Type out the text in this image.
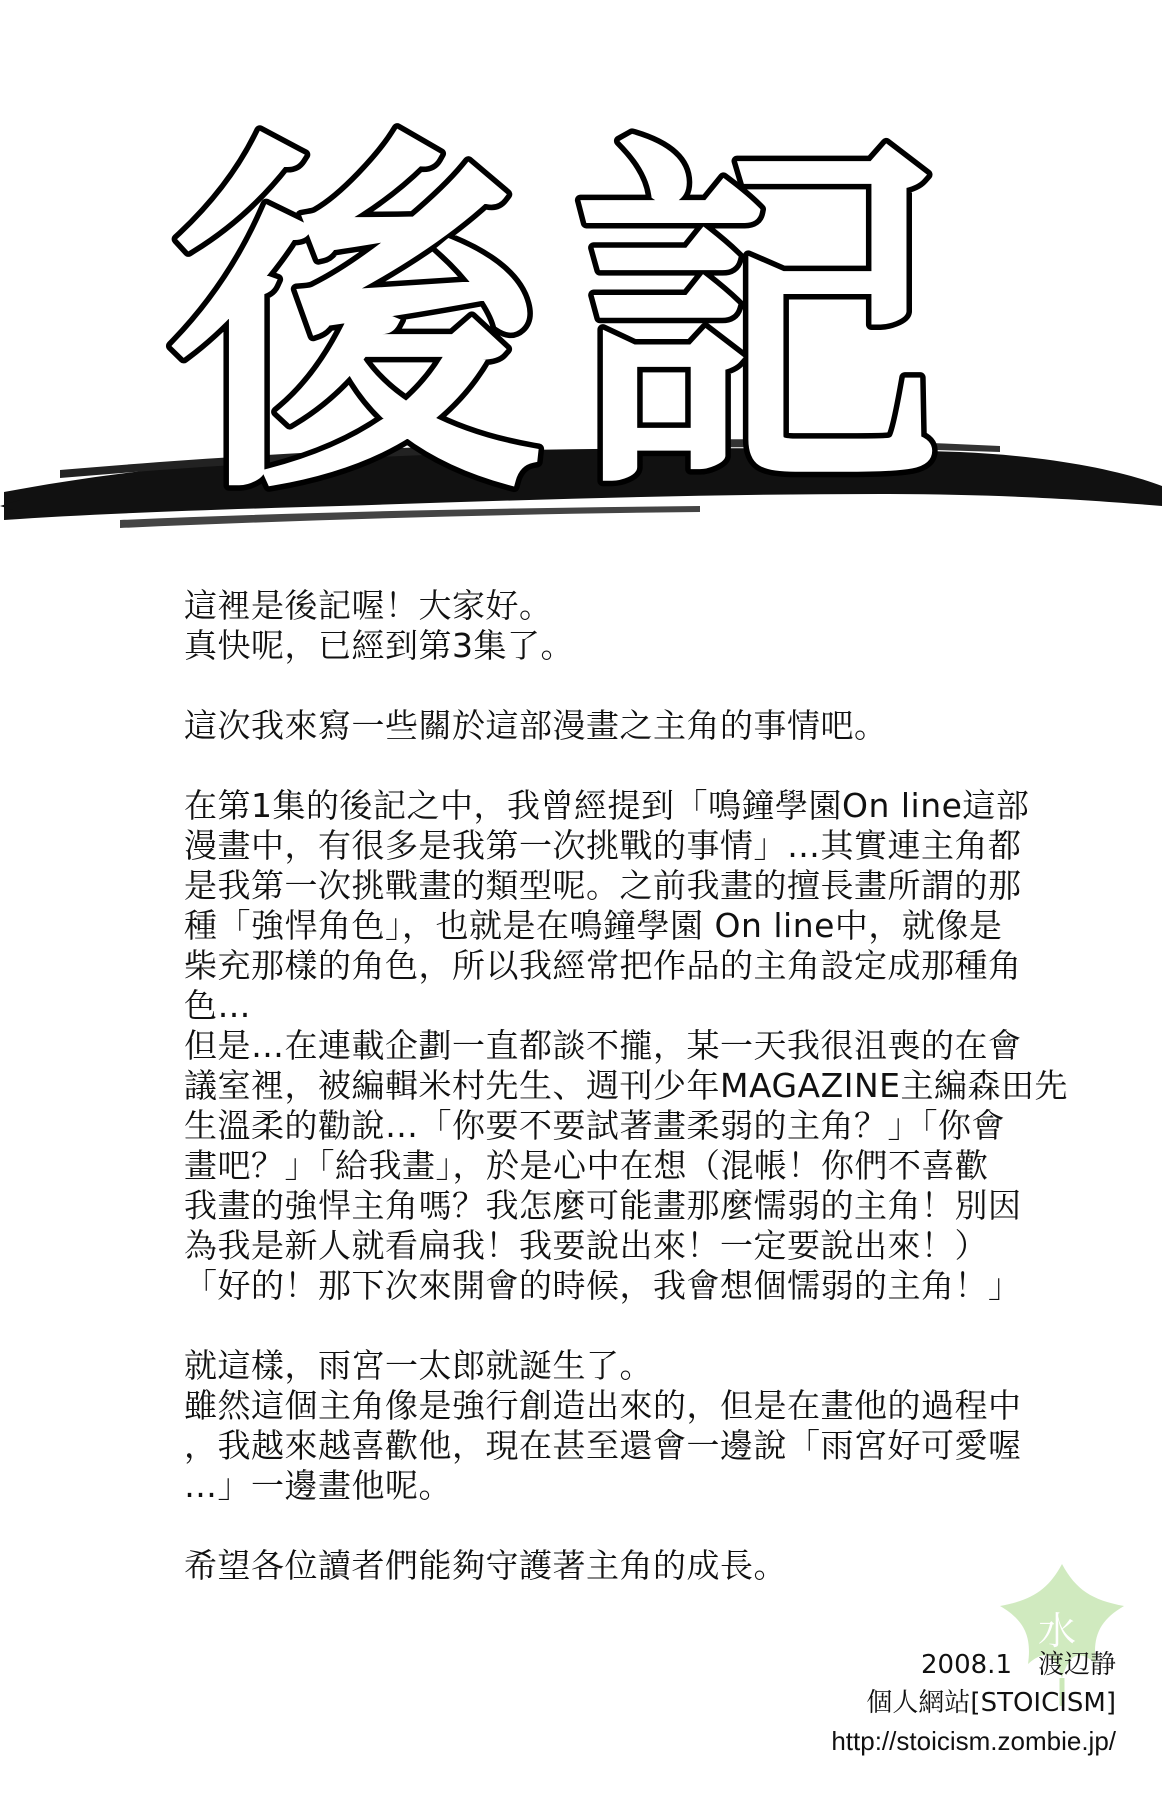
後 記

這裡是後記喔！大家好。
真快呢，已經到第3集了。

這次我來寫一些關於這部漫畫之主角的事情吧。

在第1集的後記之中，我曾經提到「鳴鐘學園On line這部
漫畫中，有很多是我第一次挑戰的事情」…其實連主角都
是我第一次挑戰畫的類型呢。之前我畫的擅長畫所謂的那
種「強悍角色」，也就是在鳴鐘學園 On line中，就像是
柴充那樣的角色，所以我經常把作品的主角設定成那種角
色…
但是…在連載企劃一直都談不攏，某一天我很沮喪的在會
議室裡，被編輯米村先生、週刊少年MAGAZINE主編森田先
生溫柔的勸說…「你要不要試著畫柔弱的主角？」「你會
畫吧？」「給我畫」，於是心中在想（混帳！你們不喜歡
我畫的強悍主角嗎？我怎麼可能畫那麼懦弱的主角！別因
為我是新人就看扁我！我要說出來！一定要說出來！）
「好的！那下次來開會的時候，我會想個懦弱的主角！」

就這樣，雨宮一太郎就誕生了。
雖然這個主角像是強行創造出來的，但是在畫他的過程中
，我越來越喜歡他，現在甚至還會一邊說「雨宮好可愛喔
…」一邊畫他呢。

希望各位讀者們能夠守護著主角的成長。

水
2008.1　渡辺静
個人網站[STOICISM]
http://stoicism.zombie.jp/
